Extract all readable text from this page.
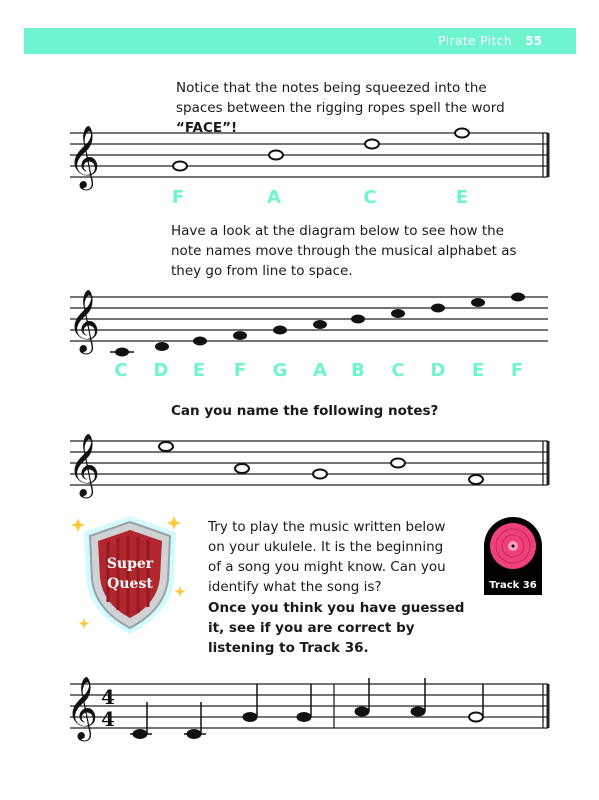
Pirate Pitch 55

Notice that the notes being squeezed into the spaces between the rigging ropes spell the word “FACE”!

𝄞
F	A	C	E

Have a look at the diagram below to see how the note names move through the musical alphabet as they go from line to space.

𝄞
C D E F G A B C D E F

Can you name the following notes?

𝄞
Super
Quest

Try to play the music written below on your ukulele. It is the beginning of a song you might know. Can you identify what the song is?

Once you think you have guessed it, see if you are correct by listening to Track 36.

Track 36
𝄞 4
4
